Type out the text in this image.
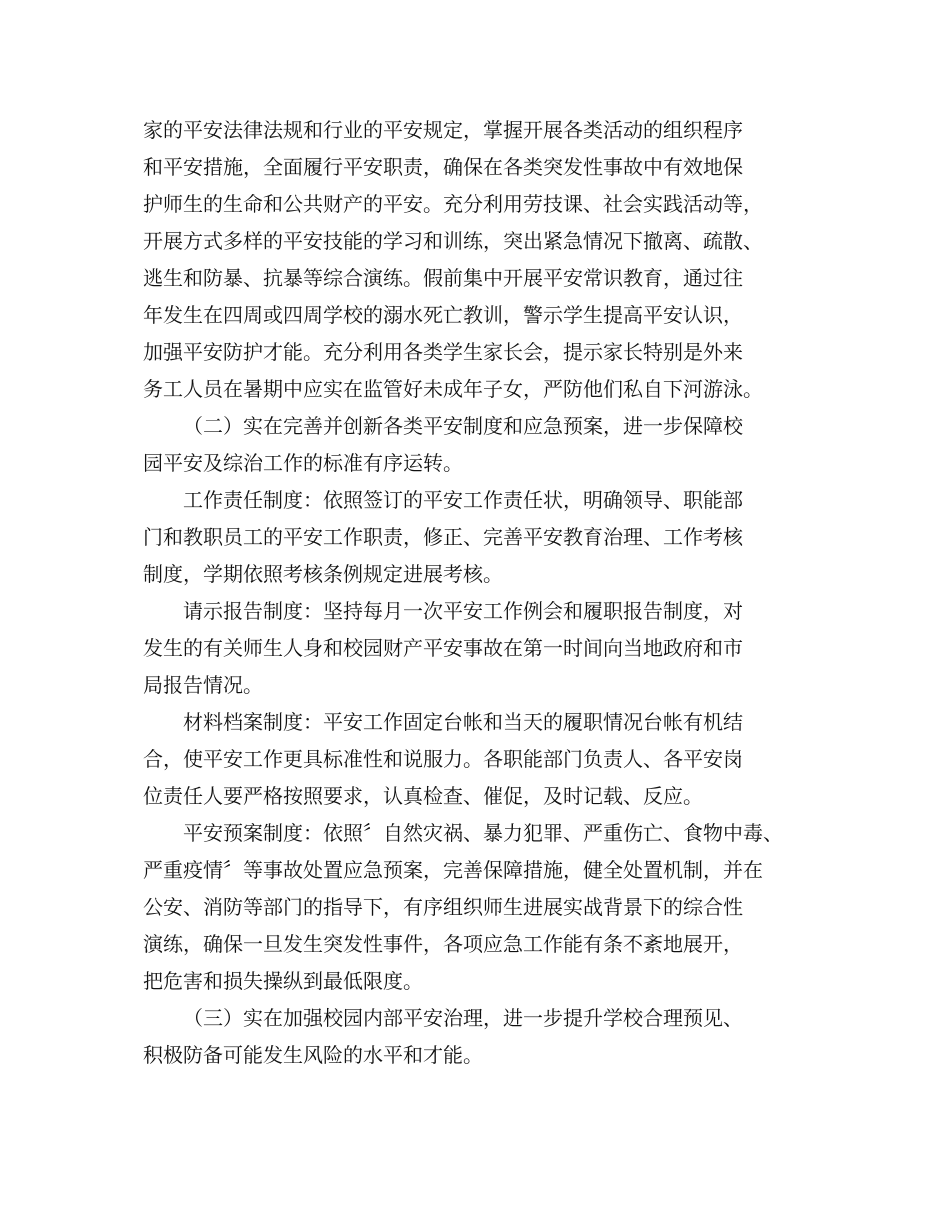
家的平安法律法规和行业的平安规定，掌握开展各类活动的组织程序

和平安措施，全面履行平安职责，确保在各类突发性事故中有效地保

护师生的生命和公共财产的平安。充分利用劳技课、社会实践活动等，

开展方式多样的平安技能的学习和训练，突出紧急情况下撤离、疏散、

逃生和防暴、抗暴等综合演练。假前集中开展平安常识教育，通过往

年发生在四周或四周学校的溺水死亡教训，警示学生提高平安认识，

加强平安防护才能。充分利用各类学生家长会，提示家长特别是外来

务工人员在暑期中应实在监管好未成年子女，严防他们私自下河游泳。

（二）实在完善并创新各类平安制度和应急预案，进一步保障校

园平安及综治工作的标准有序运转。

工作责任制度：依照签订的平安工作责任状，明确领导、职能部

门和教职员工的平安工作职责，修正、完善平安教育治理、工作考核

制度，学期依照考核条例规定进展考核。

请示报告制度：坚持每月一次平安工作例会和履职报告制度，对

发生的有关师生人身和校园财产平安事故在第一时间向当地政府和市

局报告情况。

材料档案制度：平安工作固定台帐和当天的履职情况台帐有机结

合，使平安工作更具标准性和说服力。各职能部门负责人、各平安岗

位责任人要严格按照要求，认真检查、催促，及时记载、反应。

平安预案制度：依照〞自然灾祸、暴力犯罪、严重伤亡、食物中毒、

严重疫情〞等事故处置应急预案，完善保障措施，健全处置机制，并在

公安、消防等部门的指导下，有序组织师生进展实战背景下的综合性

演练，确保一旦发生突发性事件，各项应急工作能有条不紊地展开，

把危害和损失操纵到最低限度。

（三）实在加强校园内部平安治理，进一步提升学校合理预见、

积极防备可能发生风险的水平和才能。
